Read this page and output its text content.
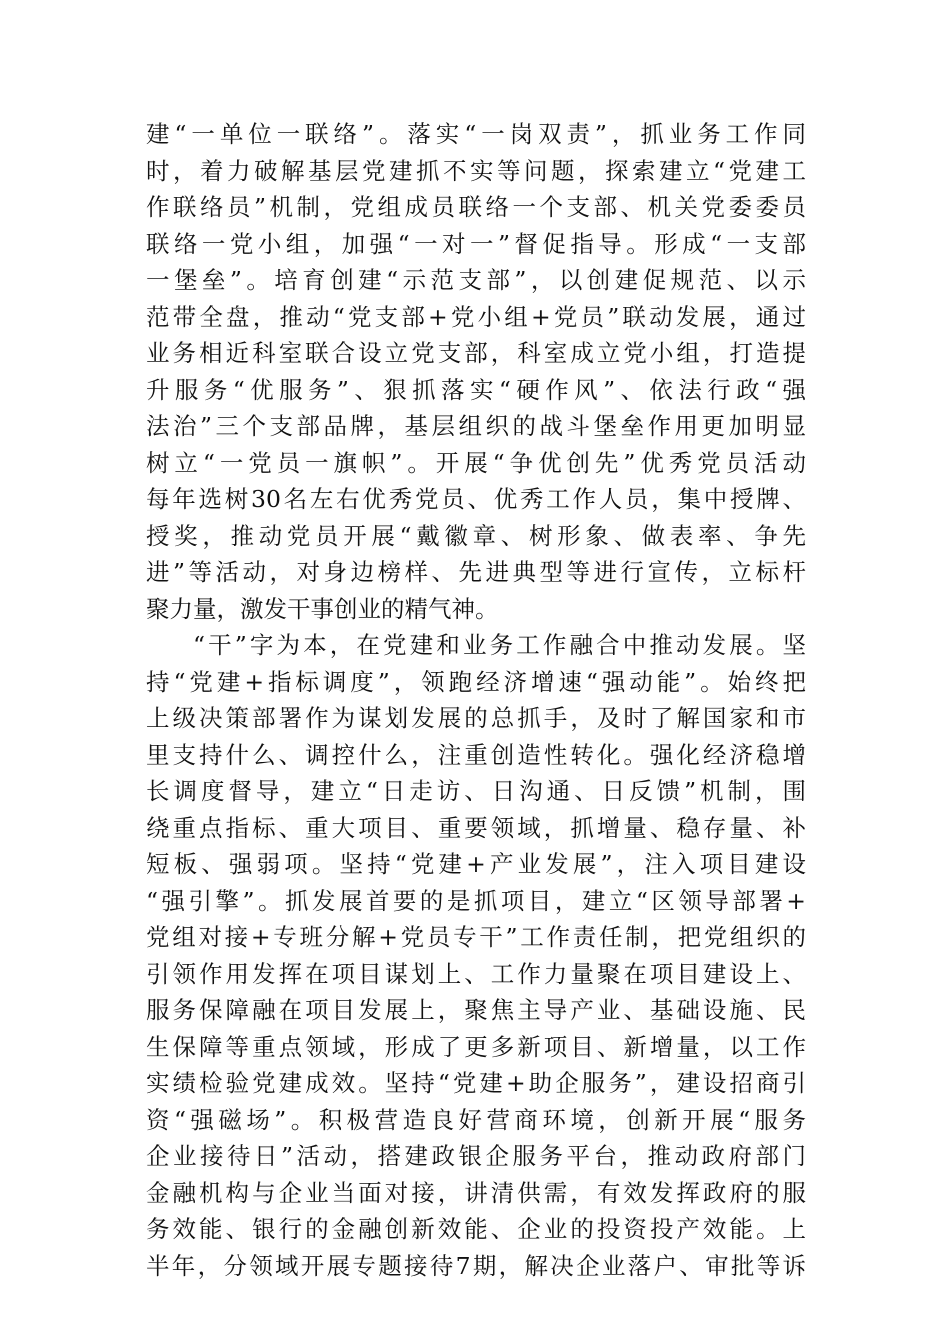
建“一单位一联络”。落实“一岗双责”，抓业务工作同
时，着力破解基层党建抓不实等问题，探索建立“党建工
作联络员”机制，党组成员联络一个支部、机关党委委员
联络一党小组，加强“一对一”督促指导。形成“一支部
一堡垒”。培育创建“示范支部”，以创建促规范、以示
范带全盘，推动“党支部+党小组+党员”联动发展，通过
业务相近科室联合设立党支部，科室成立党小组，打造提
升服务“优服务”、狠抓落实“硬作风”、依法行政“强
法治”三个支部品牌，基层组织的战斗堡垒作用更加明显
树立“一党员一旗帜”。开展“争优创先”优秀党员活动
每年选树30名左右优秀党员、优秀工作人员，集中授牌、
授奖，推动党员开展“戴徽章、树形象、做表率、争先
进”等活动，对身边榜样、先进典型等进行宣传，立标杆
聚力量，激发干事创业的精气神。
“干”字为本，在党建和业务工作融合中推动发展。坚
持“党建+指标调度”，领跑经济增速“强动能”。始终把
上级决策部署作为谋划发展的总抓手，及时了解国家和市
里支持什么、调控什么，注重创造性转化。强化经济稳增
长调度督导，建立“日走访、日沟通、日反馈”机制，围
绕重点指标、重大项目、重要领域，抓增量、稳存量、补
短板、强弱项。坚持“党建+产业发展”，注入项目建设
“强引擎”。抓发展首要的是抓项目，建立“区领导部署+
党组对接+专班分解+党员专干”工作责任制，把党组织的
引领作用发挥在项目谋划上、工作力量聚在项目建设上、
服务保障融在项目发展上，聚焦主导产业、基础设施、民
生保障等重点领域，形成了更多新项目、新增量，以工作
实绩检验党建成效。坚持“党建+助企服务”，建设招商引
资“强磁场”。积极营造良好营商环境，创新开展“服务
企业接待日”活动，搭建政银企服务平台，推动政府部门
金融机构与企业当面对接，讲清供需，有效发挥政府的服
务效能、银行的金融创新效能、企业的投资投产效能。上
半年，分领域开展专题接待7期，解决企业落户、审批等诉
